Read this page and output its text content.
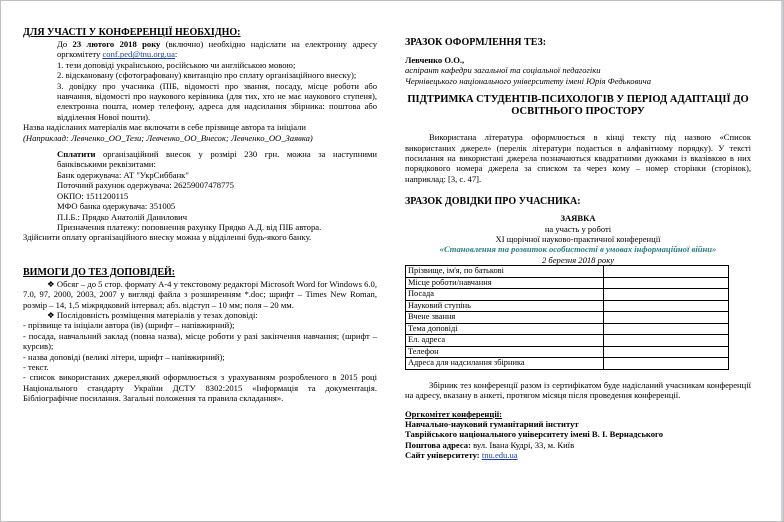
ДЛЯ УЧАСТІ У КОНФЕРЕНЦІЇ НЕОБХІДНО:
До 23 лютого 2018 року (включно) необхідно надіслати на електронну адресу оргкомітету conf.ped@tnu.org.ua:
1. тези доповіді українською, російською чи англійською мовою;
2. відскановану (сфотографовану) квитанцію про сплату організаційного внеску);
3. довідку про учасника (ПІБ, відомості про звання, посаду, місце роботи або навчання, відомості про наукового керівника (для тих, хто не має наукового ступеня), електронна пошта, номер телефону, адреса для надсилання збірника: поштова або відділення Нової пошти).
Назва надісланих матеріалів має включати в себе прізвище автора та ініціали
(Наприклад: Левченко_ОО_Тези; Левченко_ОО_Внесок; Левченко_ОО_Заявка)
Сплатити організаційний внесок у розмірі 230 грн. можна за наступними банківськими реквізитами:
Банк одержувача: АТ "УкрСиббанк"
Поточний рахунок одержувача: 26259007478775
ОКПО: 1511200115
МФО банка одержувача: 351005
П.І.Б.: Прядко Анатолій Данилович
Призначення платежу: поповнення рахунку Прядко А.Д. від ПІБ автора.
Здійснити оплату організаційного внеску можна у відділенні будь-якого банку.
ВИМОГИ ДО ТЕЗ ДОПОВІДЕЙ:
❖ Обсяг – до 5 стор. формату А-4 у текстовому редакторі Microsoft Word for Windows 6.0, 7.0, 97, 2000, 2003, 2007 у вигляді файла з розширенням *.doc; шрифт – Times New Roman, розмір – 14, 1,5 міжрядковий інтервал; абз. відступ – 10 мм; поля – 20 мм.
❖ Послідовність розміщення матеріалів у тезах доповіді:
- прізвище та ініціали автора (ів) (шрифт – напівжирний);
- посада, навчальний заклад (повна назва), місце роботи у разі закінчення навчання; (шрифт – курсив);
- назва доповіді (великі літери, шрифт – напівжирний);
- текст.
- список використаних джерел,який оформлюється з урахуванням розробленого в 2015 році Національного стандарту України ДСТУ 8302:2015 «Інформація та документація. Бібліографічне посилання. Загальні положення та правила складання».
ЗРАЗОК ОФОРМЛЕННЯ ТЕЗ:
Левченко О.О.,
аспірант кафедри загальної та соціальної педагогіки
Чернівецького національного університету імені Юрія Федьковича
ПІДТРИМКА СТУДЕНТІВ-ПСИХОЛОГІВ У ПЕРІОД АДАПТАЦІЇ ДО ОСВІТНЬОГО ПРОСТОРУ
Використана література оформлюється в кінці тексту під назвою «Список використаних джерел» (перелік літератури подається в алфавітному порядку). У тексті посилання на використані джерела позначаються квадратними дужками із вказівкою в них порядкового номера джерела за списком та через кому – номер сторінки (сторінок), наприклад: [3, с. 47].
ЗРАЗОК ДОВІДКИ ПРО УЧАСНИКА:
ЗАЯВКА
на участь у роботі
ХІ щорічної науково-практичної конференції
«Становлення та розвиток особистості в умовах інформаційної війни»
2 березня 2018 року
Прізвище, ім'я, по батькові	
Місце роботи/навчання	
Посада	
Науковий ступінь	
Вчене звання	
Тема доповіді	
Ел. адреса	
Телефон	
Адреса для надсилання збірника	
Збірник тез конференції разом із сертифікатом буде надісланий учасникам конференції на адресу, вказану в анкеті, протягом місяця після проведення конференції.
Оргкомітет конференції:
Навчально-науковий гуманітарний інститут
Таврійського національного університету імені В. І. Вернадського
Поштова адреса: вул. Івана Кудрі, 33, м. Київ
Сайт університету: tnu.edu.ua
